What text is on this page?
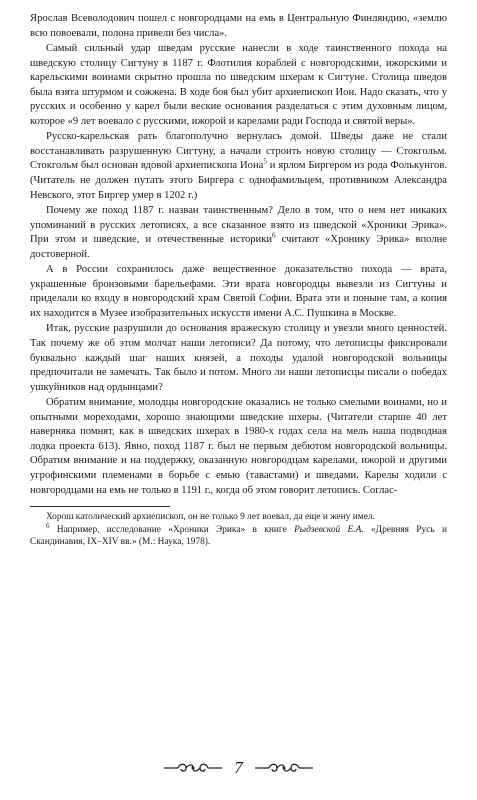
Ярослав Всеволодович пошел с новгородцами на емь в Центральную Финляндию, «землю всю повоевали, полона привели без числа».

Самый сильный удар шведам русские нанесли в ходе таинственного похода на шведскую столицу Сигтуну в 1187 г. Флотилия кораблей с новгородскими, ижорскими и карельскими воинами скрытно прошла по шведским шхерам к Сигтуне. Столица шведов была взята штурмом и сожжена. В ходе боя был убит архиепископ Ион. Надо сказать, что у русских и особенно у карел были веские основания разделаться с этим духовным лицом, которое «9 лет воевало с русскими, ижорой и карелами ради Господа и святой веры».

Русско-карельская рать благополучно вернулась домой. Шведы даже не стали восстанавливать разрушенную Сигтуну, а начали строить новую столицу — Стокгольм. Стокгольм был основан вдовой архиепископа Иона$^5$ и ярлом Биргером из рода Фолькунгов. (Читатель не должен путать этого Биргера с однофамильцем, противником Александра Невского, этот Биргер умер в 1202 г.)

Почему же поход 1187 г. назван таинственным? Дело в том, что о нем нет никаких упоминаний в русских летописях, а все сказанное взято из шведской «Хроники Эрика». При этом и шведские, и отечественные историки$^6$ считают «Хронику Эрика» вполне достоверной.

А в России сохранилось даже вещественное доказательство похода — врата, украшенные бронзовыми барельефами. Эти врата новгородцы вывезли из Сигтуны и приделали ко входу в новгородский храм Святой Софии. Врата эти и поныне там, а копия их находится в Музее изобразительных искусств имени А.С. Пушкина в Москве.

Итак, русские разрушили до основания вражескую столицу и увезли много ценностей. Так почему же об этом молчат наши летописи? Да потому, что летописцы фиксировали буквально каждый шаг наших князей, а походы удалой новгородской вольницы предпочитали не замечать. Так было и потом. Много ли наши летописцы писали о победах ушкуйников над ордынцами?

Обратим внимание, молодцы новгородские оказались не только смелыми воинами, но и опытными мореходами, хорошо знающими шведские шхеры. (Читатели старше 40 лет наверняка помнят, как в шведских шхерах в 1980-х годах села на мель наша подводная лодка проекта 613). Явно, поход 1187 г. был не первым дебютом новгородской вольницы. Обратим внимание и на поддержку, оказанную новгородцам карелами, ижорой и другими угрофинскими племенами в борьбе с емью (тавастами) и шведами. Карелы ходили с новгородцами на емь не только в 1191 г., когда об этом говорит летопись. Соглас-

Хорош католический архиепископ, он не только 9 лет воевал, да еще и жену имел.

$^6$ Например, исследование «Хроники Эрика» в книге Рыдзевской Е.А. «Древняя Русь и Скандинавия, IX–XIV вв.» (М.: Наука, 1978).

7
